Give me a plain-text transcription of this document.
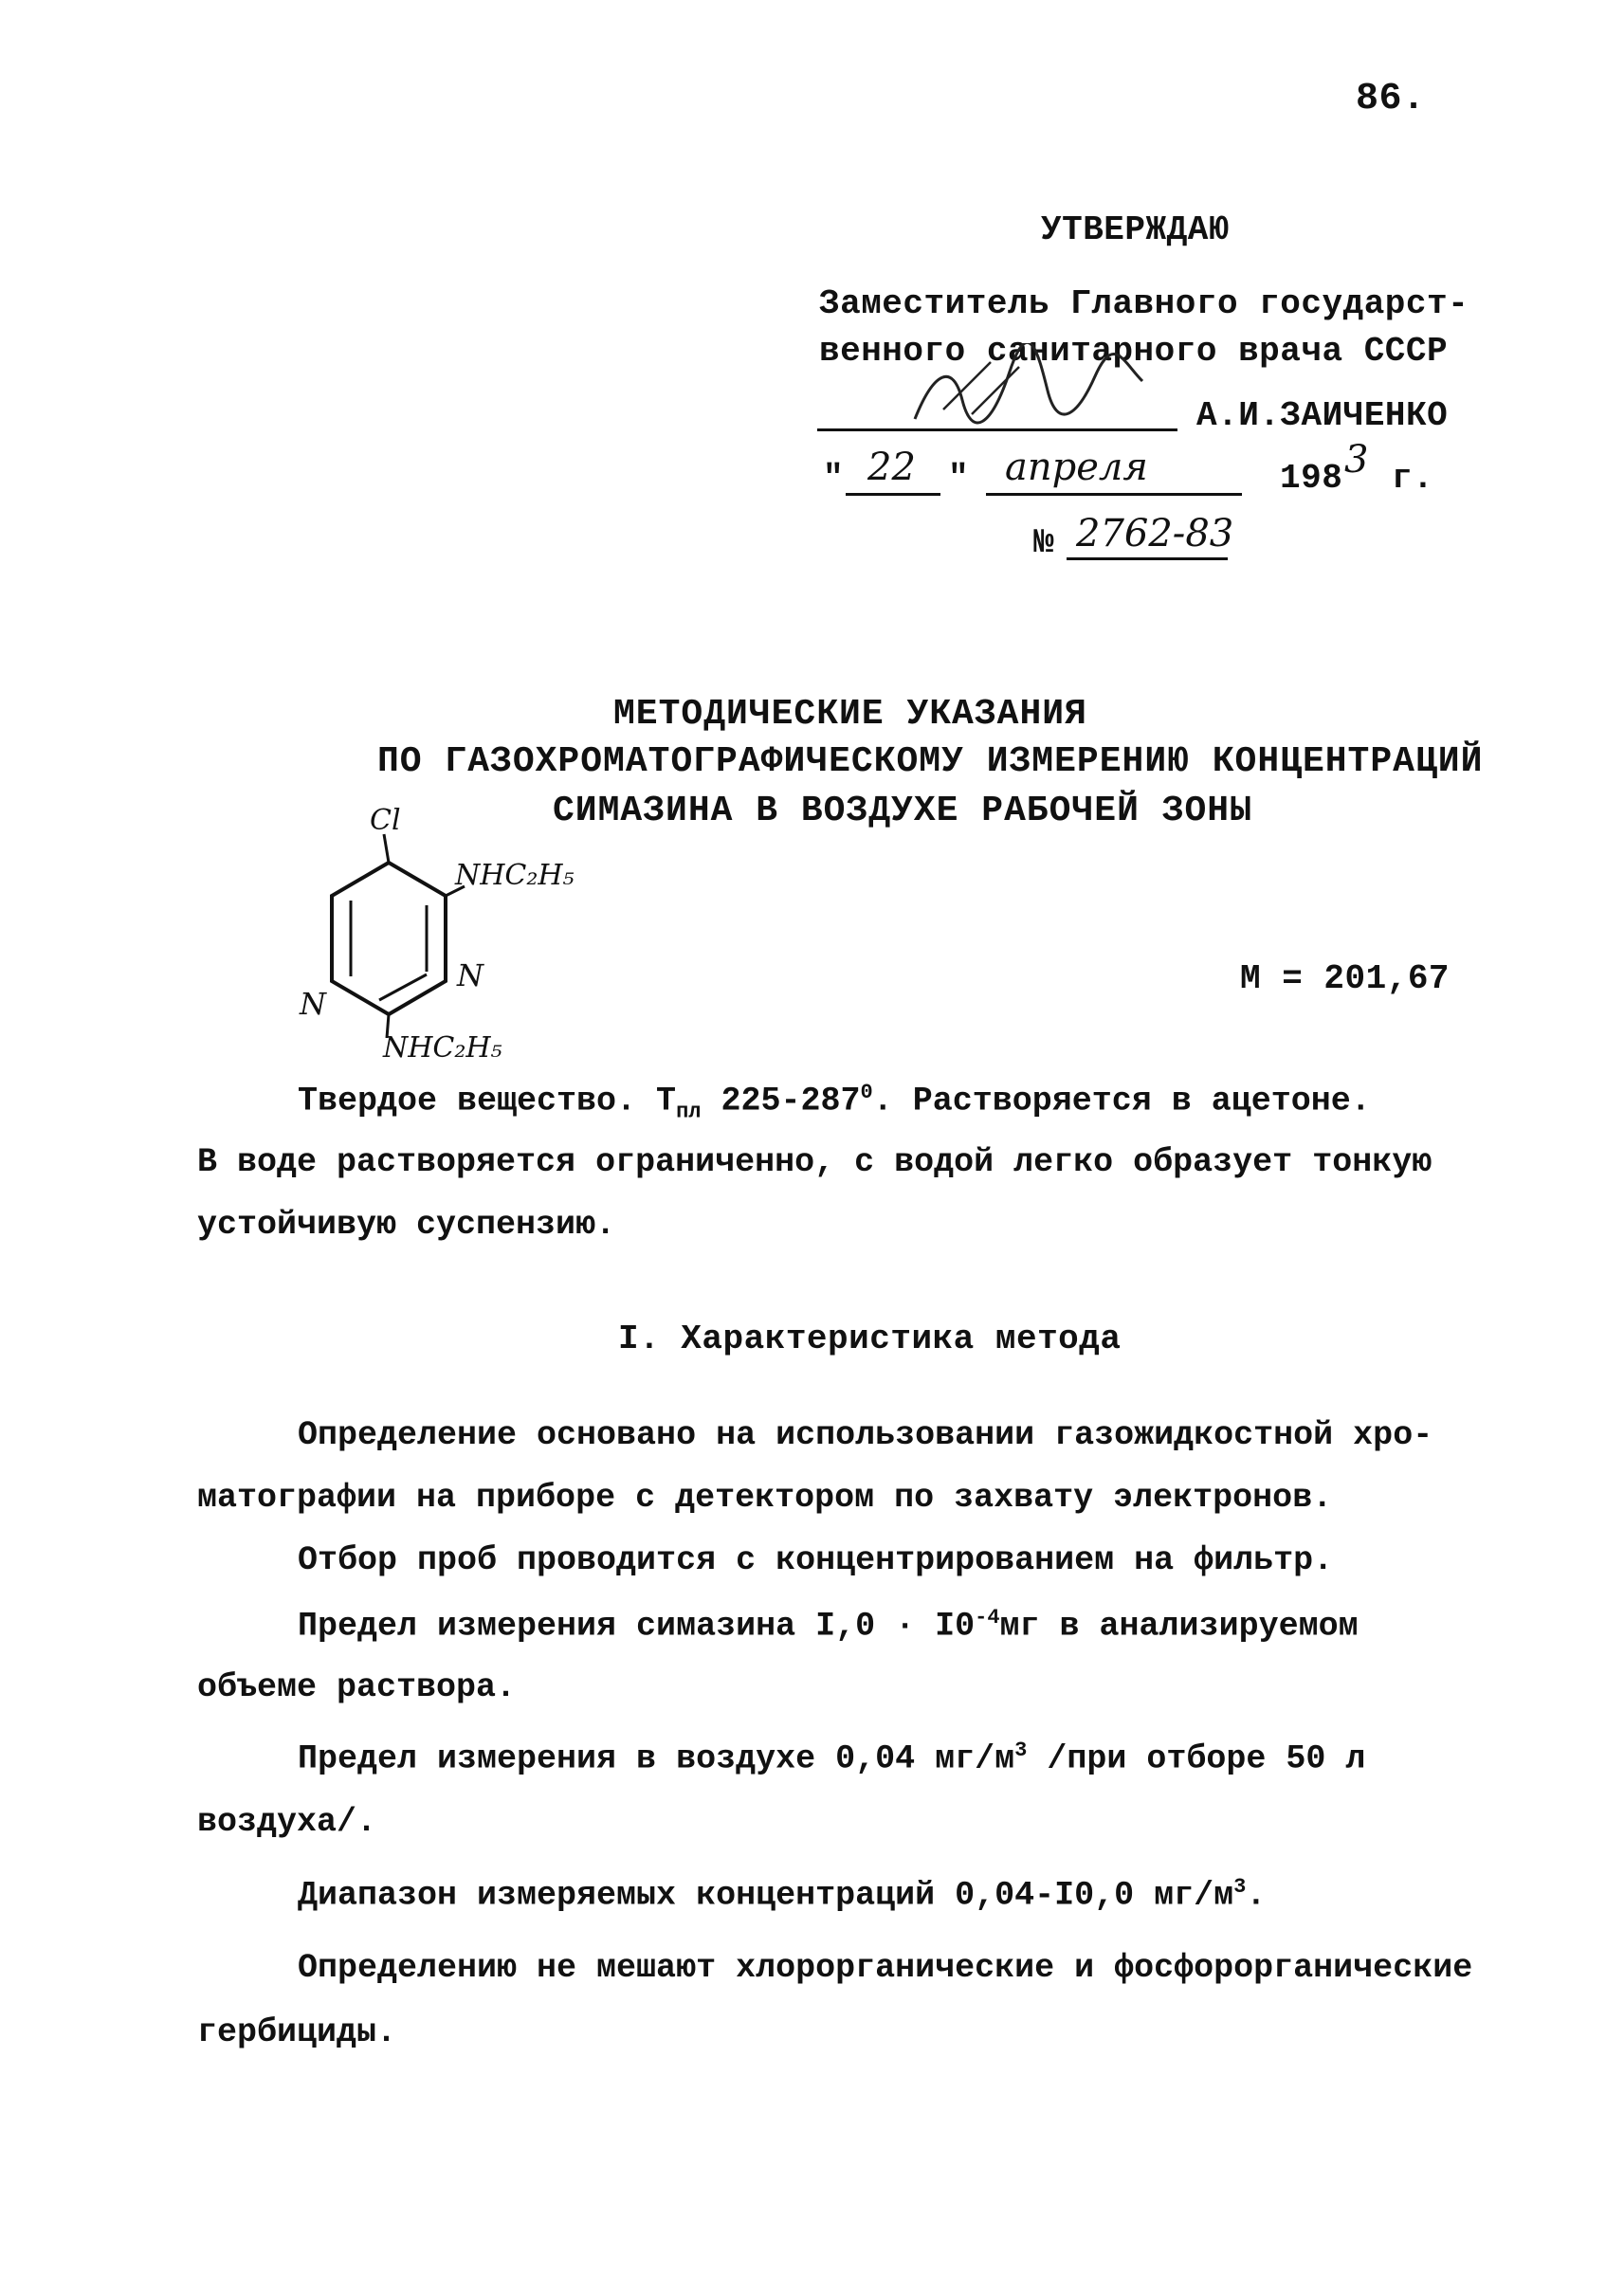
86.
УТВЕРЖДАЮ
Заместитель Главного государст-
венного санитарного врача СССР
А.И.ЗАИЧЕНКО
" 22 " апреля	198 3 г.
№ 2762-83
МЕТОДИЧЕСКИЕ УКАЗАНИЯ
ПО ГАЗОХРОМАТОГРАФИЧЕСКОМУ ИЗМЕРЕНИЮ КОНЦЕНТРАЦИЙ
СИМАЗИНА В ВОЗДУХЕ РАБОЧЕЙ ЗОНЫ
Cl
NHC₂H₅
N
N
NHC₂H₅
М = 201,67
Твердое вещество. $Т_{пл}$ $225-287^0$. Растворяется в ацетоне.
В воде растворяется ограниченно, с водой легко образует тонкую
устойчивую суспензию.
I. Характеристика метода
Определение основано на использовании газожидкостной хро-
матографии на приборе с детектором по захвату электронов.
Отбор проб проводится с концентрированием на фильтр.
Предел измерения симазина $I,0 \cdot I0^{-4}мг$ в анализируемом
объеме раствора.
Предел измерения в воздухе 0,04 $мг/м^3$ /при отборе 50 л
воздуха/.
Диапазон измеряемых концентраций 0,04-I0,0 $мг/м^3$.
Определению не мешают хлорорганические и фосфорорганические
гербициды.
